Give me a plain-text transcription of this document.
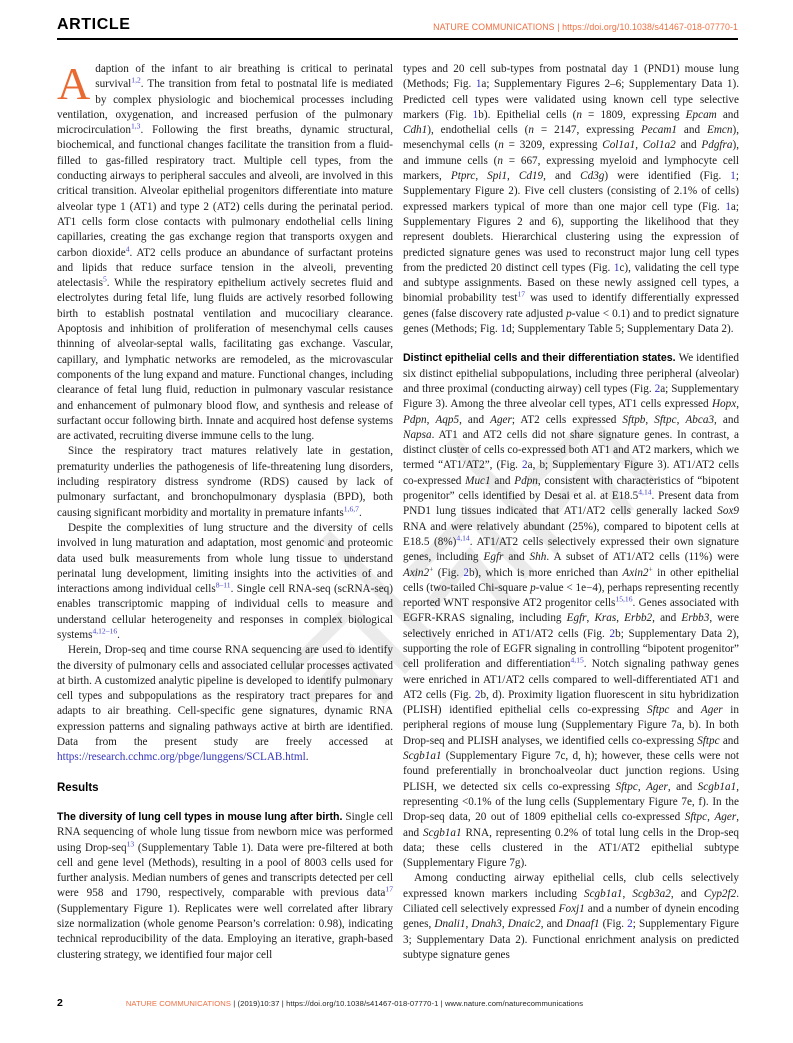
ARTICLE	NATURE COMMUNICATIONS | https://doi.org/10.1038/s41467-018-07770-1

Adaption of the infant to air breathing is critical to perinatal survival$^{1,2}$. The transition from fetal to postnatal life is mediated by complex physiologic and biochemical processes including ventilation, oxygenation, and increased perfusion of the pulmonary microcirculation$^{1,3}$. Following the first breaths, dynamic structural, biochemical, and functional changes facilitate the transition from a fluid-filled to gas-filled respiratory tract. Multiple cell types, from the conducting airways to peripheral saccules and alveoli, are involved in this critical transition. Alveolar epithelial progenitors differentiate into mature alveolar type 1 (AT1) and type 2 (AT2) cells during the perinatal period. AT1 cells form close contacts with pulmonary endothelial cells lining capillaries, creating the gas exchange region that transports oxygen and carbon dioxide$^4$. AT2 cells produce an abundance of surfactant proteins and lipids that reduce surface tension in the alveoli, preventing atelectasis$^5$. While the respiratory epithelium actively secretes fluid and electrolytes during fetal life, lung fluids are actively resorbed following birth to establish postnatal ventilation and mucociliary clearance. Apoptosis and inhibition of proliferation of mesenchymal cells causes thinning of alveolar-septal walls, facilitating gas exchange. Vascular, capillary, and lymphatic networks are remodeled, as the microvascular components of the lung expand and mature. Functional changes, including clearance of fetal lung fluid, reduction in pulmonary vascular resistance and enhancement of pulmonary blood flow, and synthesis and release of surfactant occur following birth. Innate and acquired host defense systems are activated, recruiting diverse immune cells to the lung.

Since the respiratory tract matures relatively late in gestation, prematurity underlies the pathogenesis of life-threatening lung disorders, including respiratory distress syndrome (RDS) caused by lack of pulmonary surfactant, and bronchopulmonary dysplasia (BPD), both causing significant morbidity and mortality in premature infants$^{1,6,7}$.

Despite the complexities of lung structure and the diversity of cells involved in lung maturation and adaptation, most genomic and proteomic data used bulk measurements from whole lung tissue to understand perinatal lung development, limiting insights into the activities of and interactions among individual cells$^{8-11}$. Single cell RNA-seq (scRNA-seq) enables transcriptomic mapping of individual cells to measure and understand cellular heterogeneity and responses in complex biological systems$^{4,12-16}$.

Herein, Drop-seq and time course RNA sequencing are used to identify the diversity of pulmonary cells and associated cellular processes activated at birth. A customized analytic pipeline is developed to identify pulmonary cell types and subpopulations as the respiratory tract prepares for and adapts to air breathing. Cell-specific gene signatures, dynamic RNA expression patterns and signaling pathways active at birth are identified. Data from the present study are freely accessed at https://research.cchmc.org/pbge/lunggens/SCLAB.html.

Results

The diversity of lung cell types in mouse lung after birth. Single cell RNA sequencing of whole lung tissue from newborn mice was performed using Drop-seq$^{13}$ (Supplementary Table 1). Data were pre-filtered at both cell and gene level (Methods), resulting in a pool of 8003 cells used for further analysis. Median numbers of genes and transcripts detected per cell were 958 and 1790, respectively, comparable with previous data$^{17}$ (Supplementary Figure 1). Replicates were well correlated after library size normalization (whole genome Pearson’s correlation: 0.98), indicating technical reproducibility of the data. Employing an iterative, graph-based clustering strategy, we identified four major cell

types and 20 cell sub-types from postnatal day 1 (PND1) mouse lung (Methods; Fig. 1a; Supplementary Figures 2–6; Supplementary Data 1). Predicted cell types were validated using known cell type selective markers (Fig. 1b). Epithelial cells (n = 1809, expressing Epcam and Cdh1), endothelial cells (n = 2147, expressing Pecam1 and Emcn), mesenchymal cells (n = 3209, expressing Col1a1, Col1a2 and Pdgfra), and immune cells (n = 667, expressing myeloid and lymphocyte cell markers, Ptprc, Spi1, Cd19, and Cd3g) were identified (Fig. 1; Supplementary Figure 2). Five cell clusters (consisting of 2.1% of cells) expressed markers typical of more than one major cell type (Fig. 1a; Supplementary Figures 2 and 6), supporting the likelihood that they represent doublets. Hierarchical clustering using the expression of predicted signature genes was used to reconstruct major lung cell types from the predicted 20 distinct cell types (Fig. 1c), validating the cell type and subtype assignments. Based on these newly assigned cell types, a binomial probability test$^{17}$ was used to identify differentially expressed genes (false discovery rate adjusted p-value < 0.1) and to predict signature genes (Methods; Fig. 1d; Supplementary Table 5; Supplementary Data 2).

Distinct epithelial cells and their differentiation states. We identified six distinct epithelial subpopulations, including three peripheral (alveolar) and three proximal (conducting airway) cell types (Fig. 2a; Supplementary Figure 3). Among the three alveolar cell types, AT1 cells expressed Hopx, Pdpn, Aqp5, and Ager; AT2 cells expressed Sftpb, Sftpc, Abca3, and Napsa. AT1 and AT2 cells did not share signature genes. In contrast, a distinct cluster of cells co-expressed both AT1 and AT2 markers, which we termed “AT1/AT2”, (Fig. 2a, b; Supplementary Figure 3). AT1/AT2 cells co-expressed Muc1 and Pdpn, consistent with characteristics of “bipotent progenitor” cells identified by Desai et al. at E18.5$^{4,14}$. Present data from PND1 lung tissues indicated that AT1/AT2 cells generally lacked Sox9 RNA and were relatively abundant (25%), compared to bipotent cells at E18.5 $(8\%)^{4,14}$. AT1/AT2 cells selectively expressed their own signature genes, including Egfr and Shh. A subset of AT1/AT2 cells (11%) were Axin2+ (Fig. 2b), which is more enriched than Axin2+ in other epithelial cells (two-tailed Chi-square p-value < 1e−4), perhaps representing recently reported WNT responsive AT2 progenitor cells$^{15,16}$. Genes associated with EGFR-KRAS signaling, including Egfr, Kras, Erbb2, and Erbb3, were selectively enriched in AT1/AT2 cells (Fig. 2b; Supplementary Data 2), supporting the role of EGFR signaling in controlling “bipotent progenitor” cell proliferation and differentiation$^{4,15}$. Notch signaling pathway genes were enriched in AT1/AT2 cells compared to well-differentiated AT1 and AT2 cells (Fig. 2b, d). Proximity ligation fluorescent in situ hybridization (PLISH) identified epithelial cells co-expressing Sftpc and Ager in peripheral regions of mouse lung (Supplementary Figure 7a, b). In both Drop-seq and PLISH analyses, we identified cells co-expressing Sftpc and Scgb1a1 (Supplementary Figure 7c, d, h); however, these cells were not found preferentially in bronchoalveolar duct junction regions. Using PLISH, we detected six cells co-expressing Sftpc, Ager, and Scgb1a1, representing <0.1% of the lung cells (Supplementary Figure 7e, f). In the Drop-seq data, 20 out of 1809 epithelial cells co-expressed Sftpc, Ager, and Scgb1a1 RNA, representing 0.2% of total lung cells in the Drop-seq data; these cells clustered in the AT1/AT2 epithelial subtype (Supplementary Figure 7g).

Among conducting airway epithelial cells, club cells selectively expressed known markers including Scgb1a1, Scgb3a2, and Cyp2f2. Ciliated cell selectively expressed Foxj1 and a number of dynein encoding genes, Dnali1, Dnah3, Dnaic2, and Dnaaf1 (Fig. 2; Supplementary Figure 3; Supplementary Data 2). Functional enrichment analysis on predicted subtype signature genes

2	NATURE COMMUNICATIONS | (2019)10:37 | https://doi.org/10.1038/s41467-018-07770-1 | www.nature.com/naturecommunications
